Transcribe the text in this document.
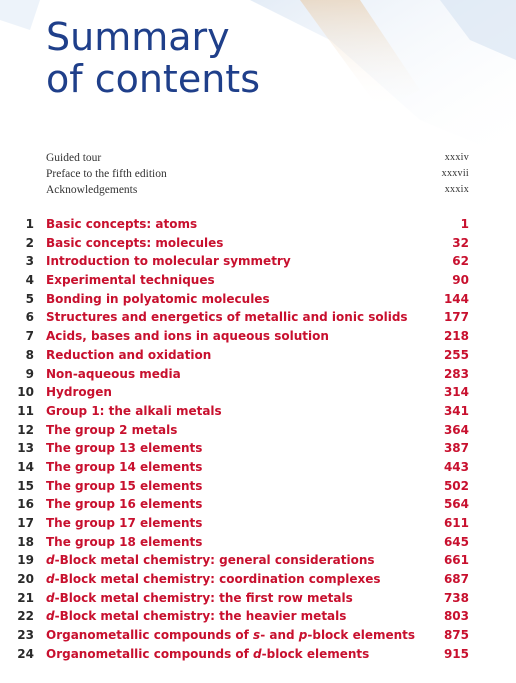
Summary
of contents
Guided tour	xxxiv
Preface to the fifth edition	xxxvii
Acknowledgements	xxxix
1 Basic concepts: atoms	1
2 Basic concepts: molecules	32
3 Introduction to molecular symmetry	62
4 Experimental techniques	90
5 Bonding in polyatomic molecules	144
6 Structures and energetics of metallic and ionic solids	177
7 Acids, bases and ions in aqueous solution	218
8 Reduction and oxidation	255
9 Non-aqueous media	283
10 Hydrogen	314
11 Group 1: the alkali metals	341
12 The group 2 metals	364
13 The group 13 elements	387
14 The group 14 elements	443
15 The group 15 elements	502
16 The group 16 elements	564
17 The group 17 elements	611
18 The group 18 elements	645
19 d-Block metal chemistry: general considerations	661
20 d-Block metal chemistry: coordination complexes	687
21 d-Block metal chemistry: the first row metals	738
22 d-Block metal chemistry: the heavier metals	803
23 Organometallic compounds of s- and p-block elements 875
24 Organometallic compounds of d-block elements	915
